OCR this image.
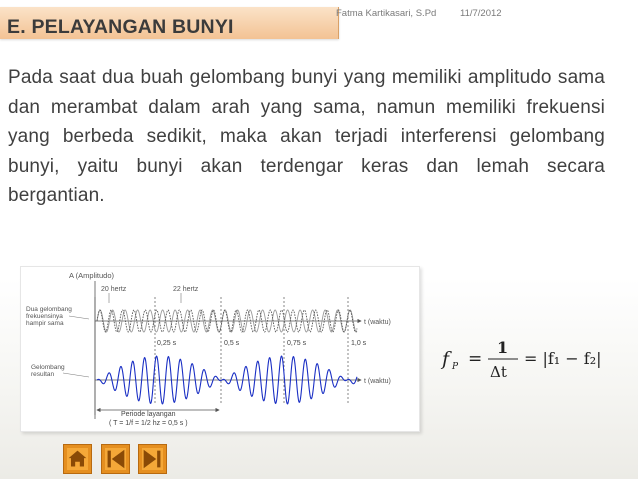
E. PELAYANGAN BUNYI
Fatma Kartikasari, S.Pd 11/7/2012
Pada saat dua buah gelombang bunyi yang memiliki amplitudo sama dan merambat dalam arah yang sama, namun memiliki frekuensi yang berbeda sedikit, maka akan terjadi interferensi gelombang bunyi, yaitu bunyi akan terdengar keras dan lemah secara bergantian.
A (Amplitudo)
20 hertz	22 hertz
Dua gelombang frekuensinya hampir sama
Gelombang resultan
t (waktu)
t (waktu)
0,25 s	0,5 s	0,75 s	1,0 s
Periode layangan
( T = 1/f = 1/2 hz = 0,5 s )
f P =
1
Δt
= |f₁ − f₂|
